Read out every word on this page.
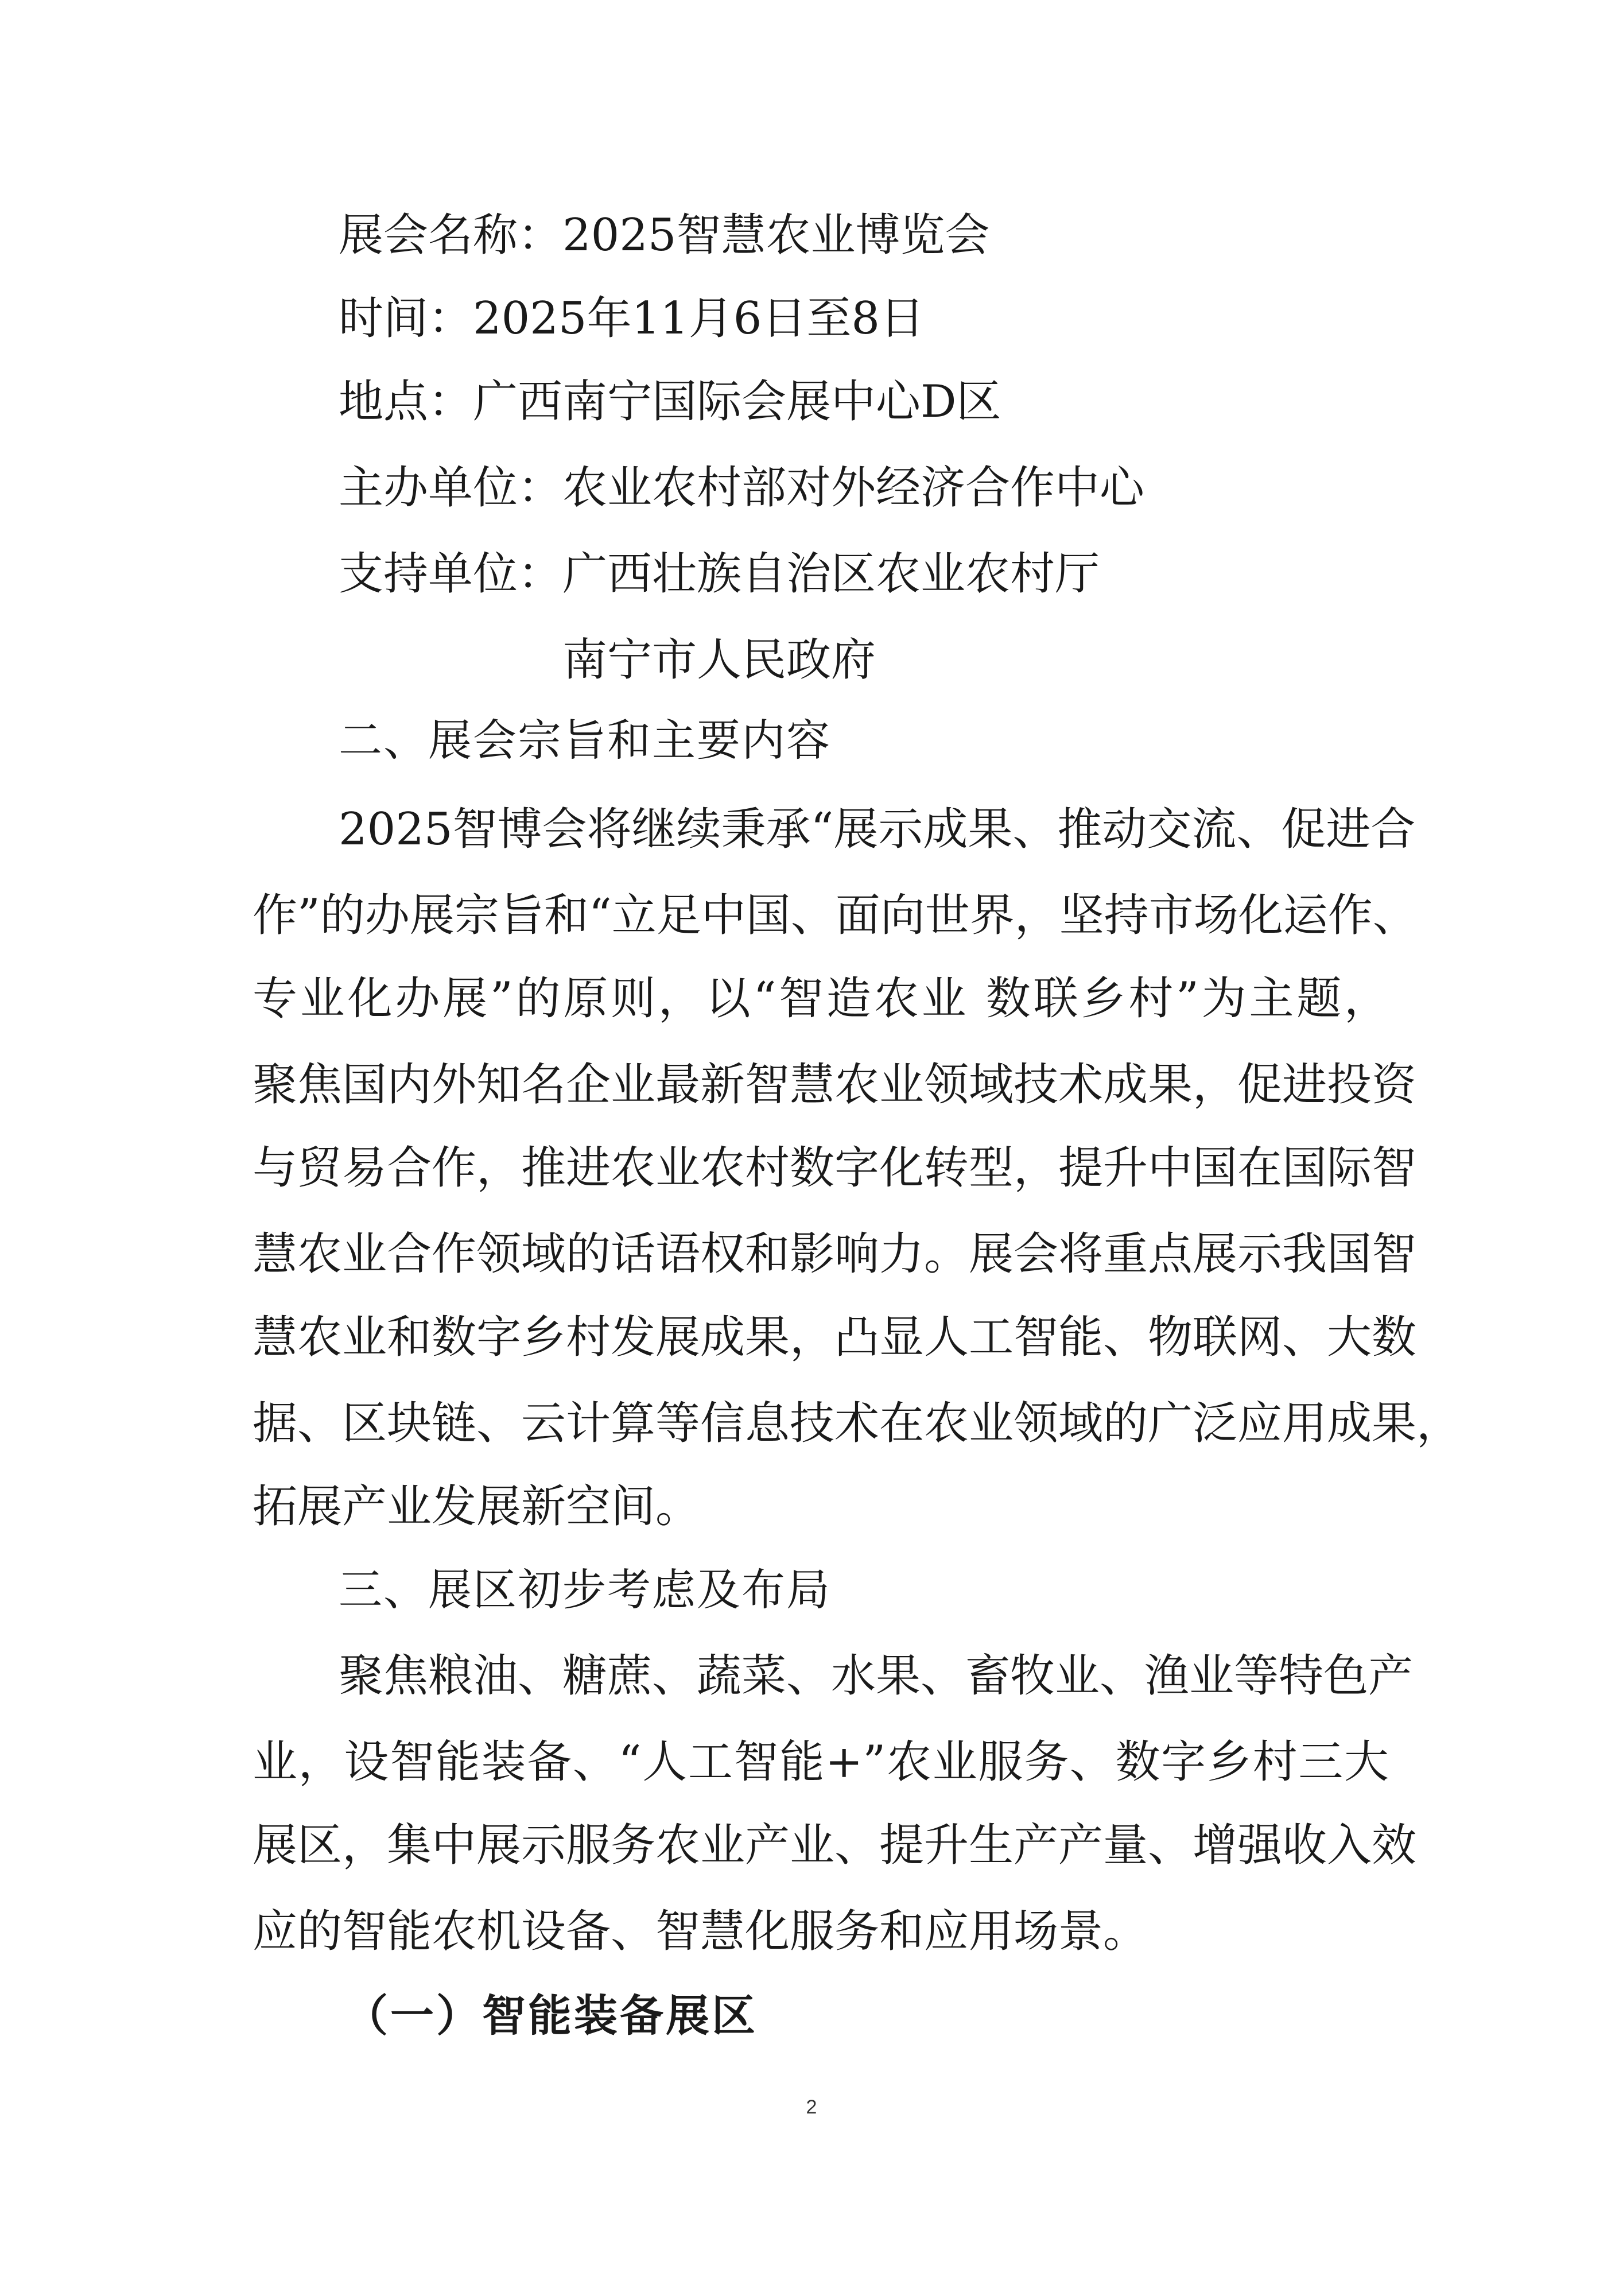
展会名称：2025智慧农业博览会
时间：2025年11月6日至8日
地点：广西南宁国际会展中心D区
主办单位：农业农村部对外经济合作中心
支持单位：广西壮族自治区农业农村厅
南宁市人民政府
二、展会宗旨和主要内容
2025智博会将继续秉承“展示成果、推动交流、促进合
作”的办展宗旨和“立足中国、面向世界，坚持市场化运作、
专业化办展”的原则，以“智造农业 数联乡村”为主题，
聚焦国内外知名企业最新智慧农业领域技术成果，促进投资
与贸易合作，推进农业农村数字化转型，提升中国在国际智
慧农业合作领域的话语权和影响力。展会将重点展示我国智
慧农业和数字乡村发展成果，凸显人工智能、物联网、大数
据、区块链、云计算等信息技术在农业领域的广泛应用成果，
拓展产业发展新空间。
三、展区初步考虑及布局
聚焦粮油、糖蔗、蔬菜、水果、畜牧业、渔业等特色产
业，设智能装备、“人工智能+”农业服务、数字乡村三大
展区，集中展示服务农业产业、提升生产产量、增强收入效
应的智能农机设备、智慧化服务和应用场景。
（一）智能装备展区
2
